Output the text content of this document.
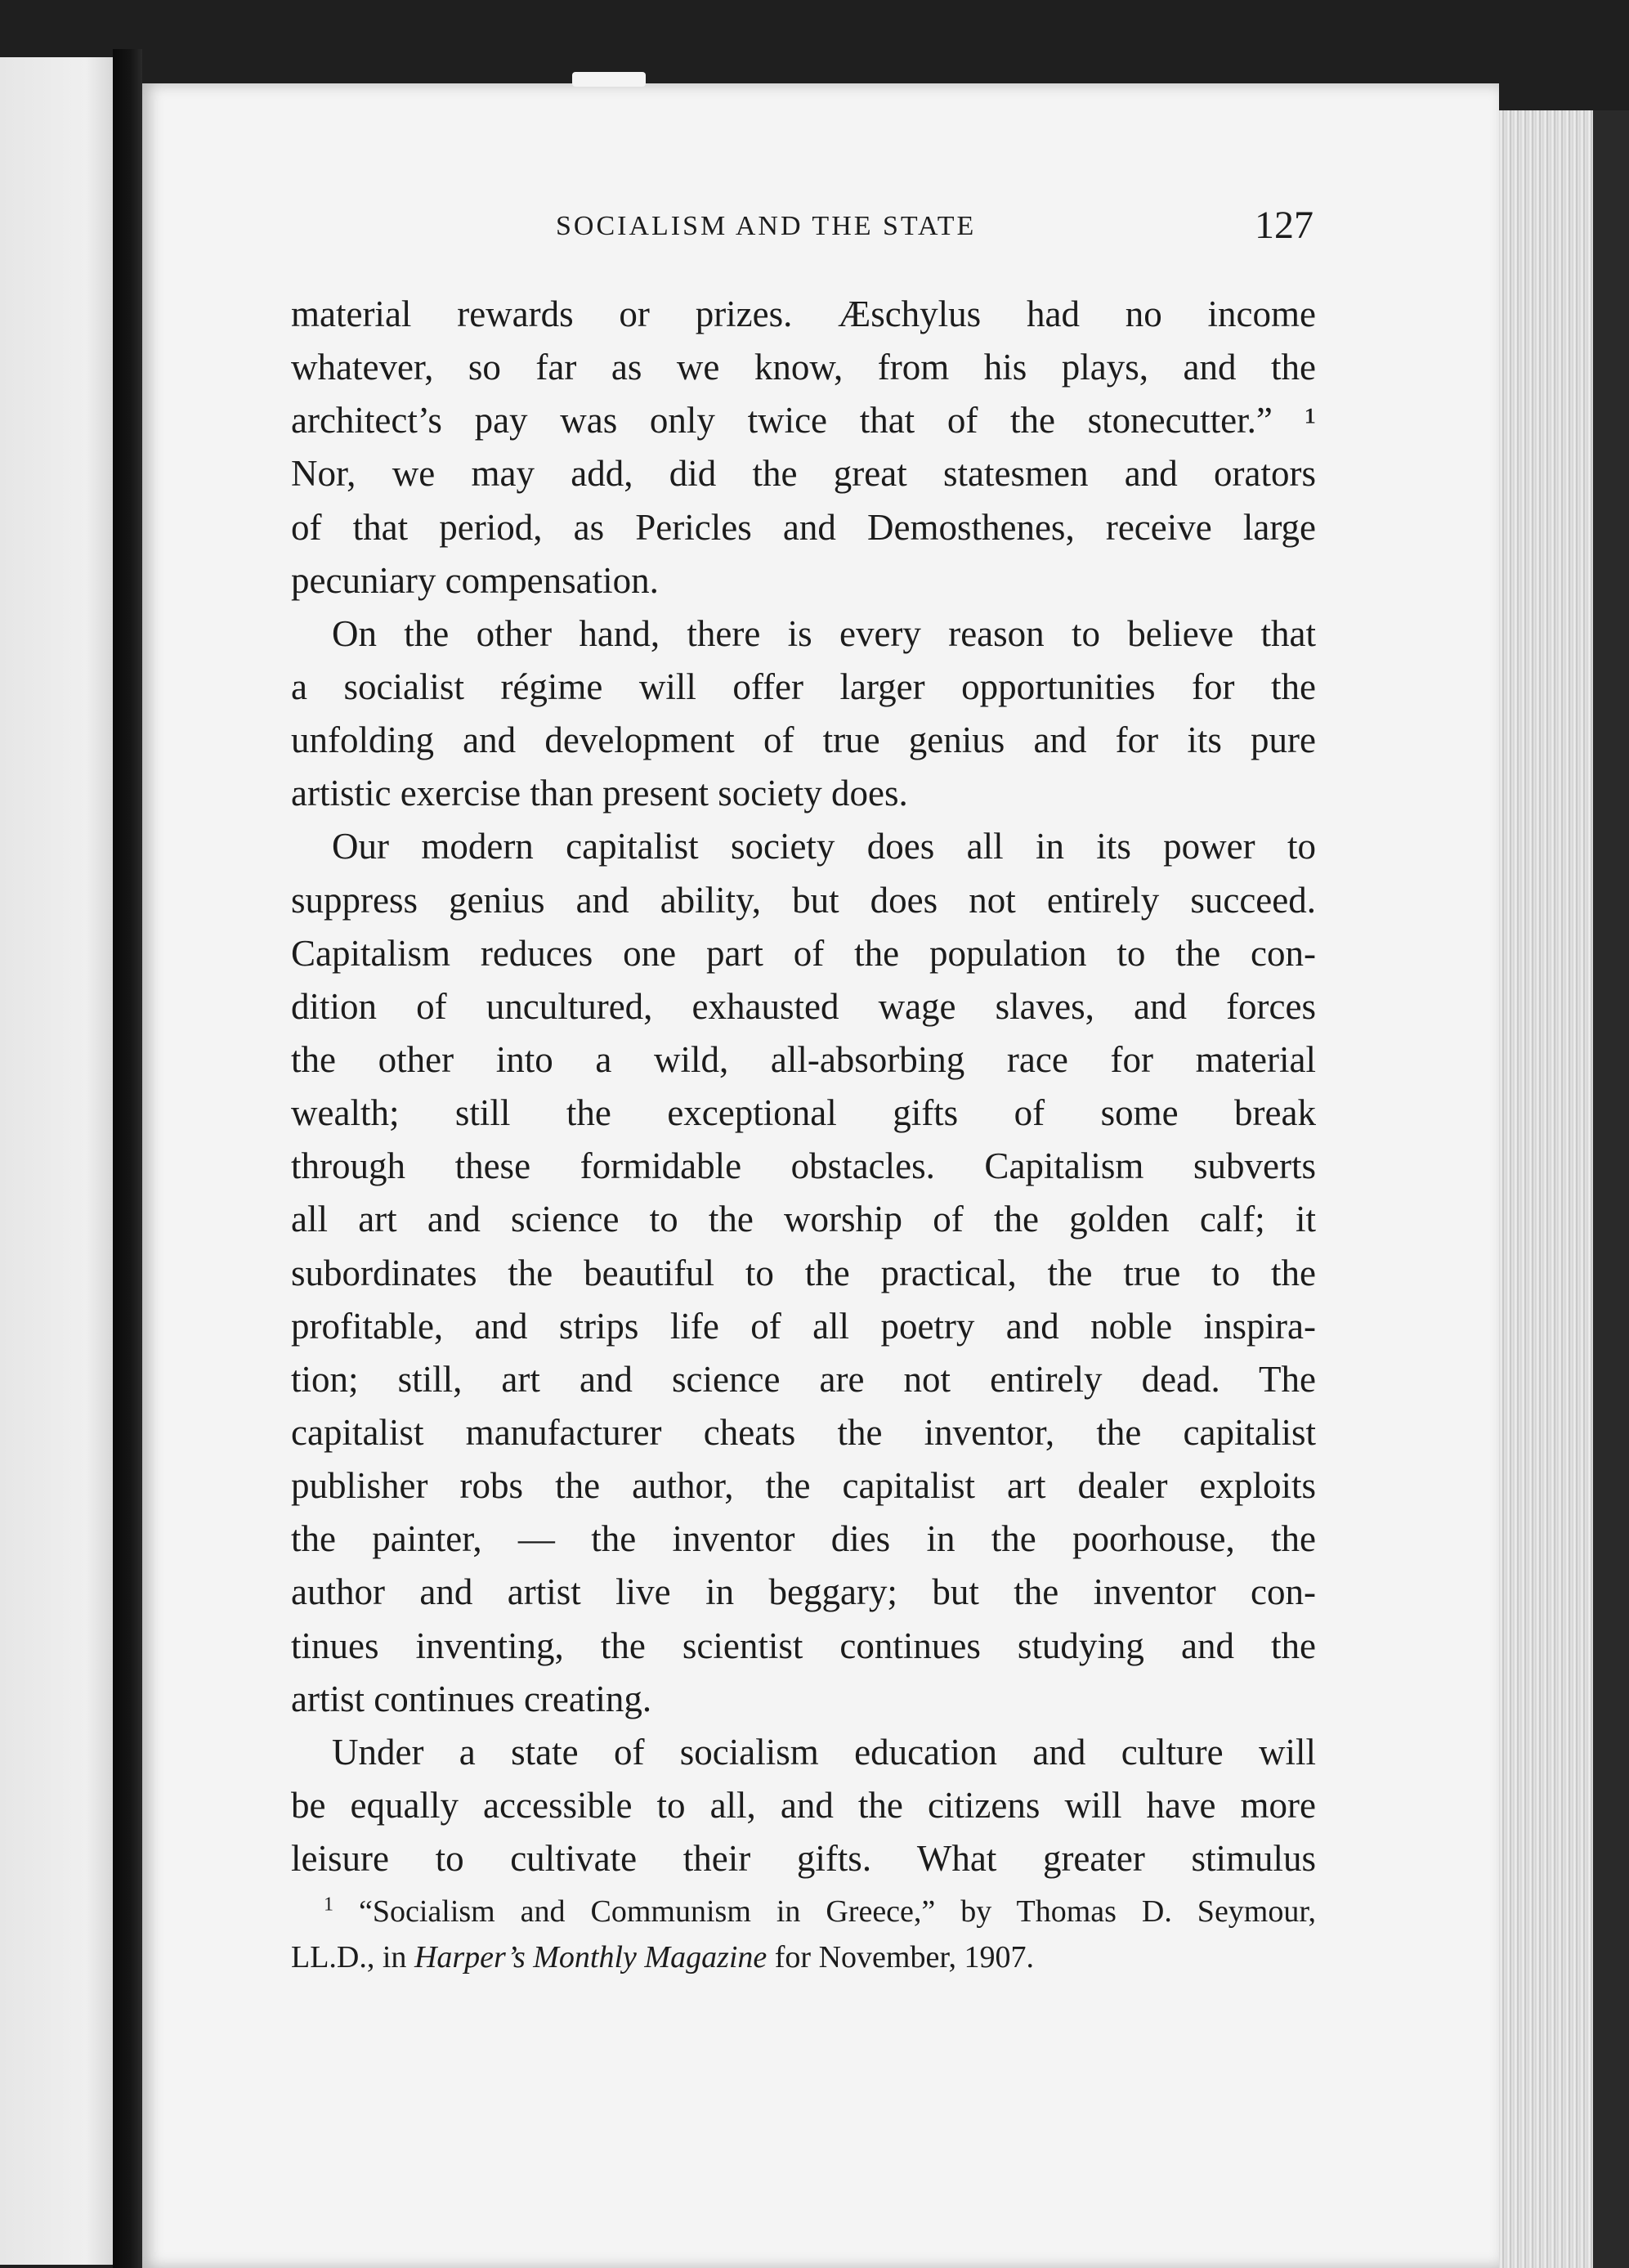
SOCIALISM AND THE STATE	127
material rewards or prizes. Æschylus had no income
whatever, so far as we know, from his plays, and the
architect’s pay was only twice that of the stonecutter.” ¹
Nor, we may add, did the great statesmen and orators
of that period, as Pericles and Demosthenes, receive large
pecuniary compensation.
On the other hand, there is every reason to believe that
a socialist régime will offer larger opportunities for the
unfolding and development of true genius and for its pure
artistic exercise than present society does.
Our modern capitalist society does all in its power to
suppress genius and ability, but does not entirely succeed.
Capitalism reduces one part of the population to the con-
dition of uncultured, exhausted wage slaves, and forces
the other into a wild, all-absorbing race for material
wealth; still the exceptional gifts of some break
through these formidable obstacles. Capitalism subverts
all art and science to the worship of the golden calf; it
subordinates the beautiful to the practical, the true to the
profitable, and strips life of all poetry and noble inspira-
tion; still, art and science are not entirely dead. The
capitalist manufacturer cheats the inventor, the capitalist
publisher robs the author, the capitalist art dealer exploits
the painter, — the inventor dies in the poorhouse, the
author and artist live in beggary; but the inventor con-
tinues inventing, the scientist continues studying and the
artist continues creating.
Under a state of socialism education and culture will
be equally accessible to all, and the citizens will have more
leisure to cultivate their gifts. What greater stimulus
$^1$ “Socialism and Communism in Greece,” by Thomas D. Seymour,
LL.D., in Harper’s Monthly Magazine for November, 1907.
